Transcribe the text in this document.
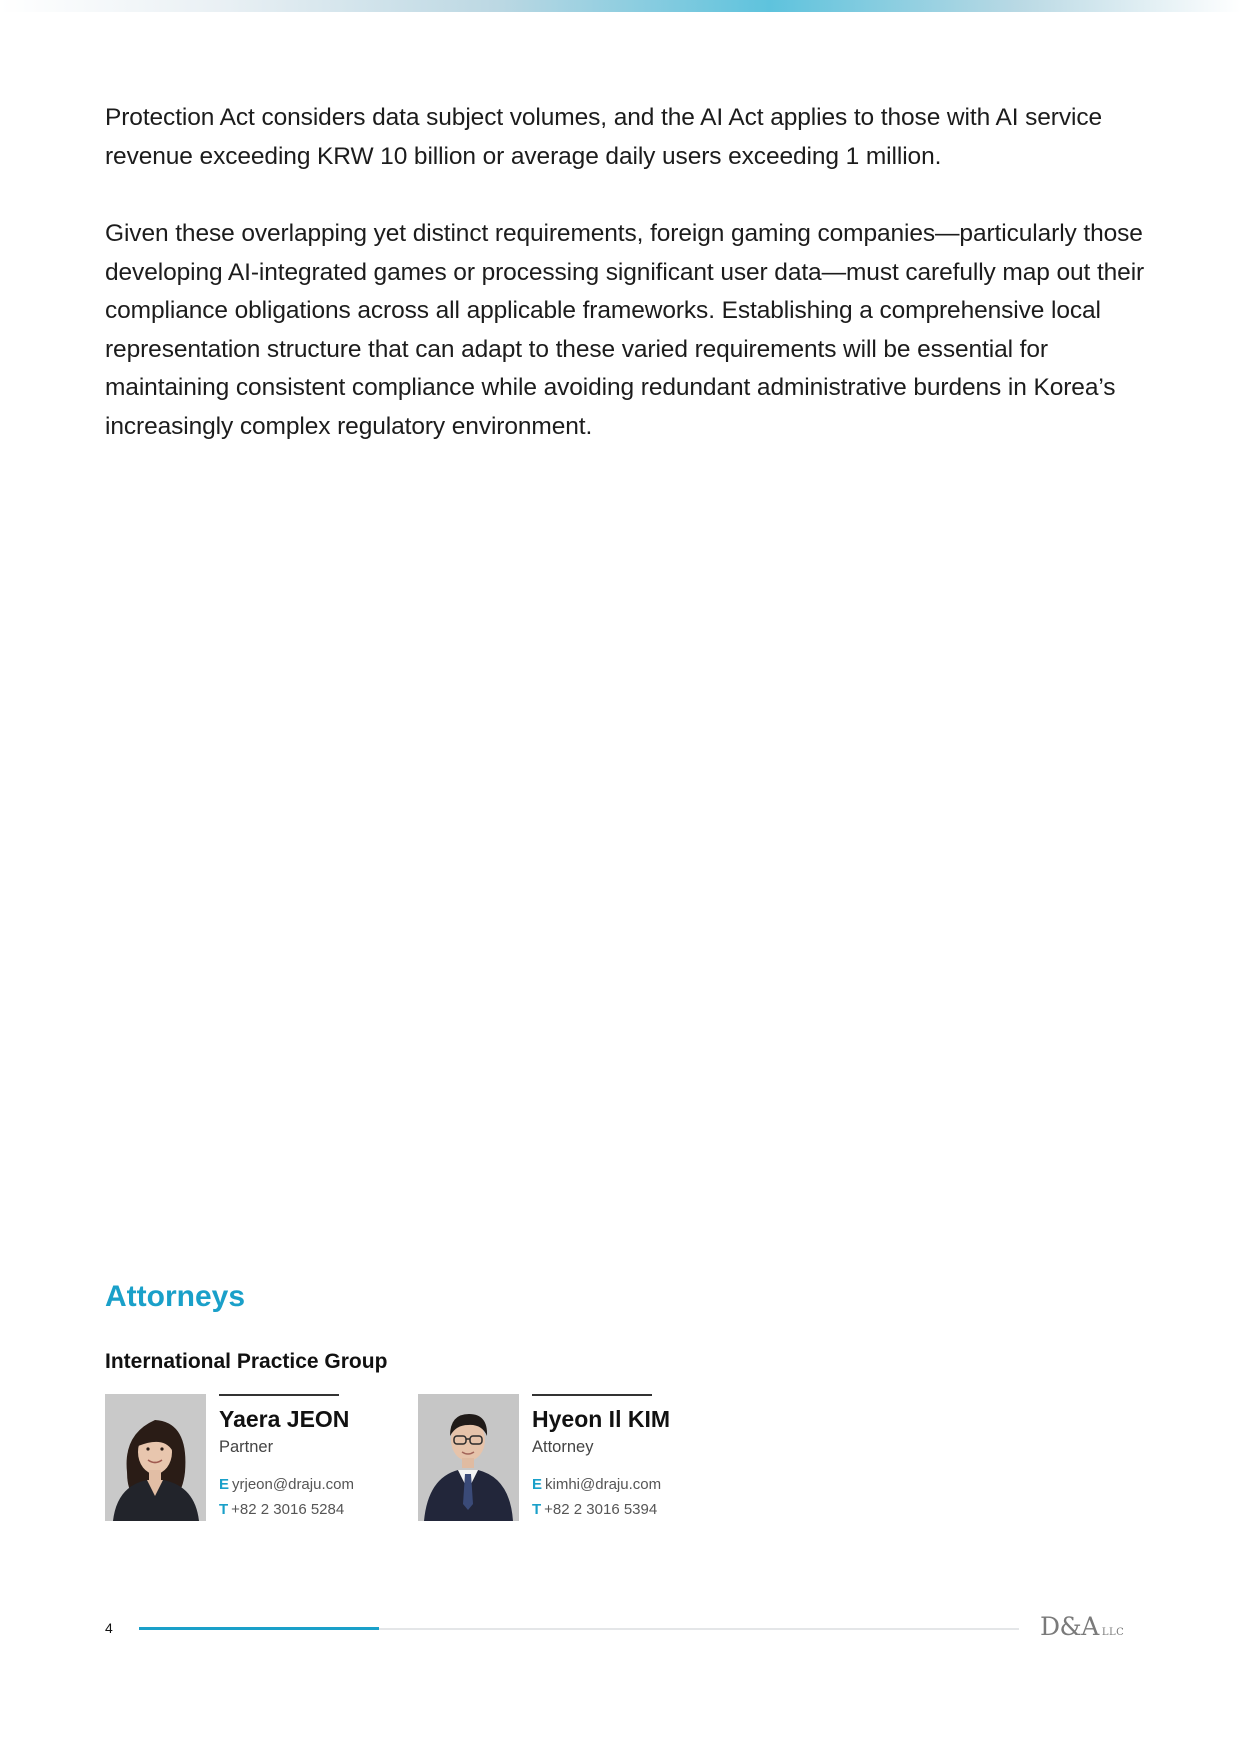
Protection Act considers data subject volumes, and the AI Act applies to those with AI service revenue exceeding KRW 10 billion or average daily users exceeding 1 million.

Given these overlapping yet distinct requirements, foreign gaming companies—particularly those developing AI-integrated games or processing significant user data—must carefully map out their compliance obligations across all applicable frameworks. Establishing a comprehensive local representation structure that can adapt to these varied requirements will be essential for maintaining consistent compliance while avoiding redundant administrative burdens in Korea’s increasingly complex regulatory environment.

Attorneys
International Practice Group
Yaera JEON
Partner
E yrjeon@draju.com
T +82 2 3016 5284
Hyeon Il KIM
Attorney
E kimhi@draju.com
T +82 2 3016 5394
4	D&A LLC
